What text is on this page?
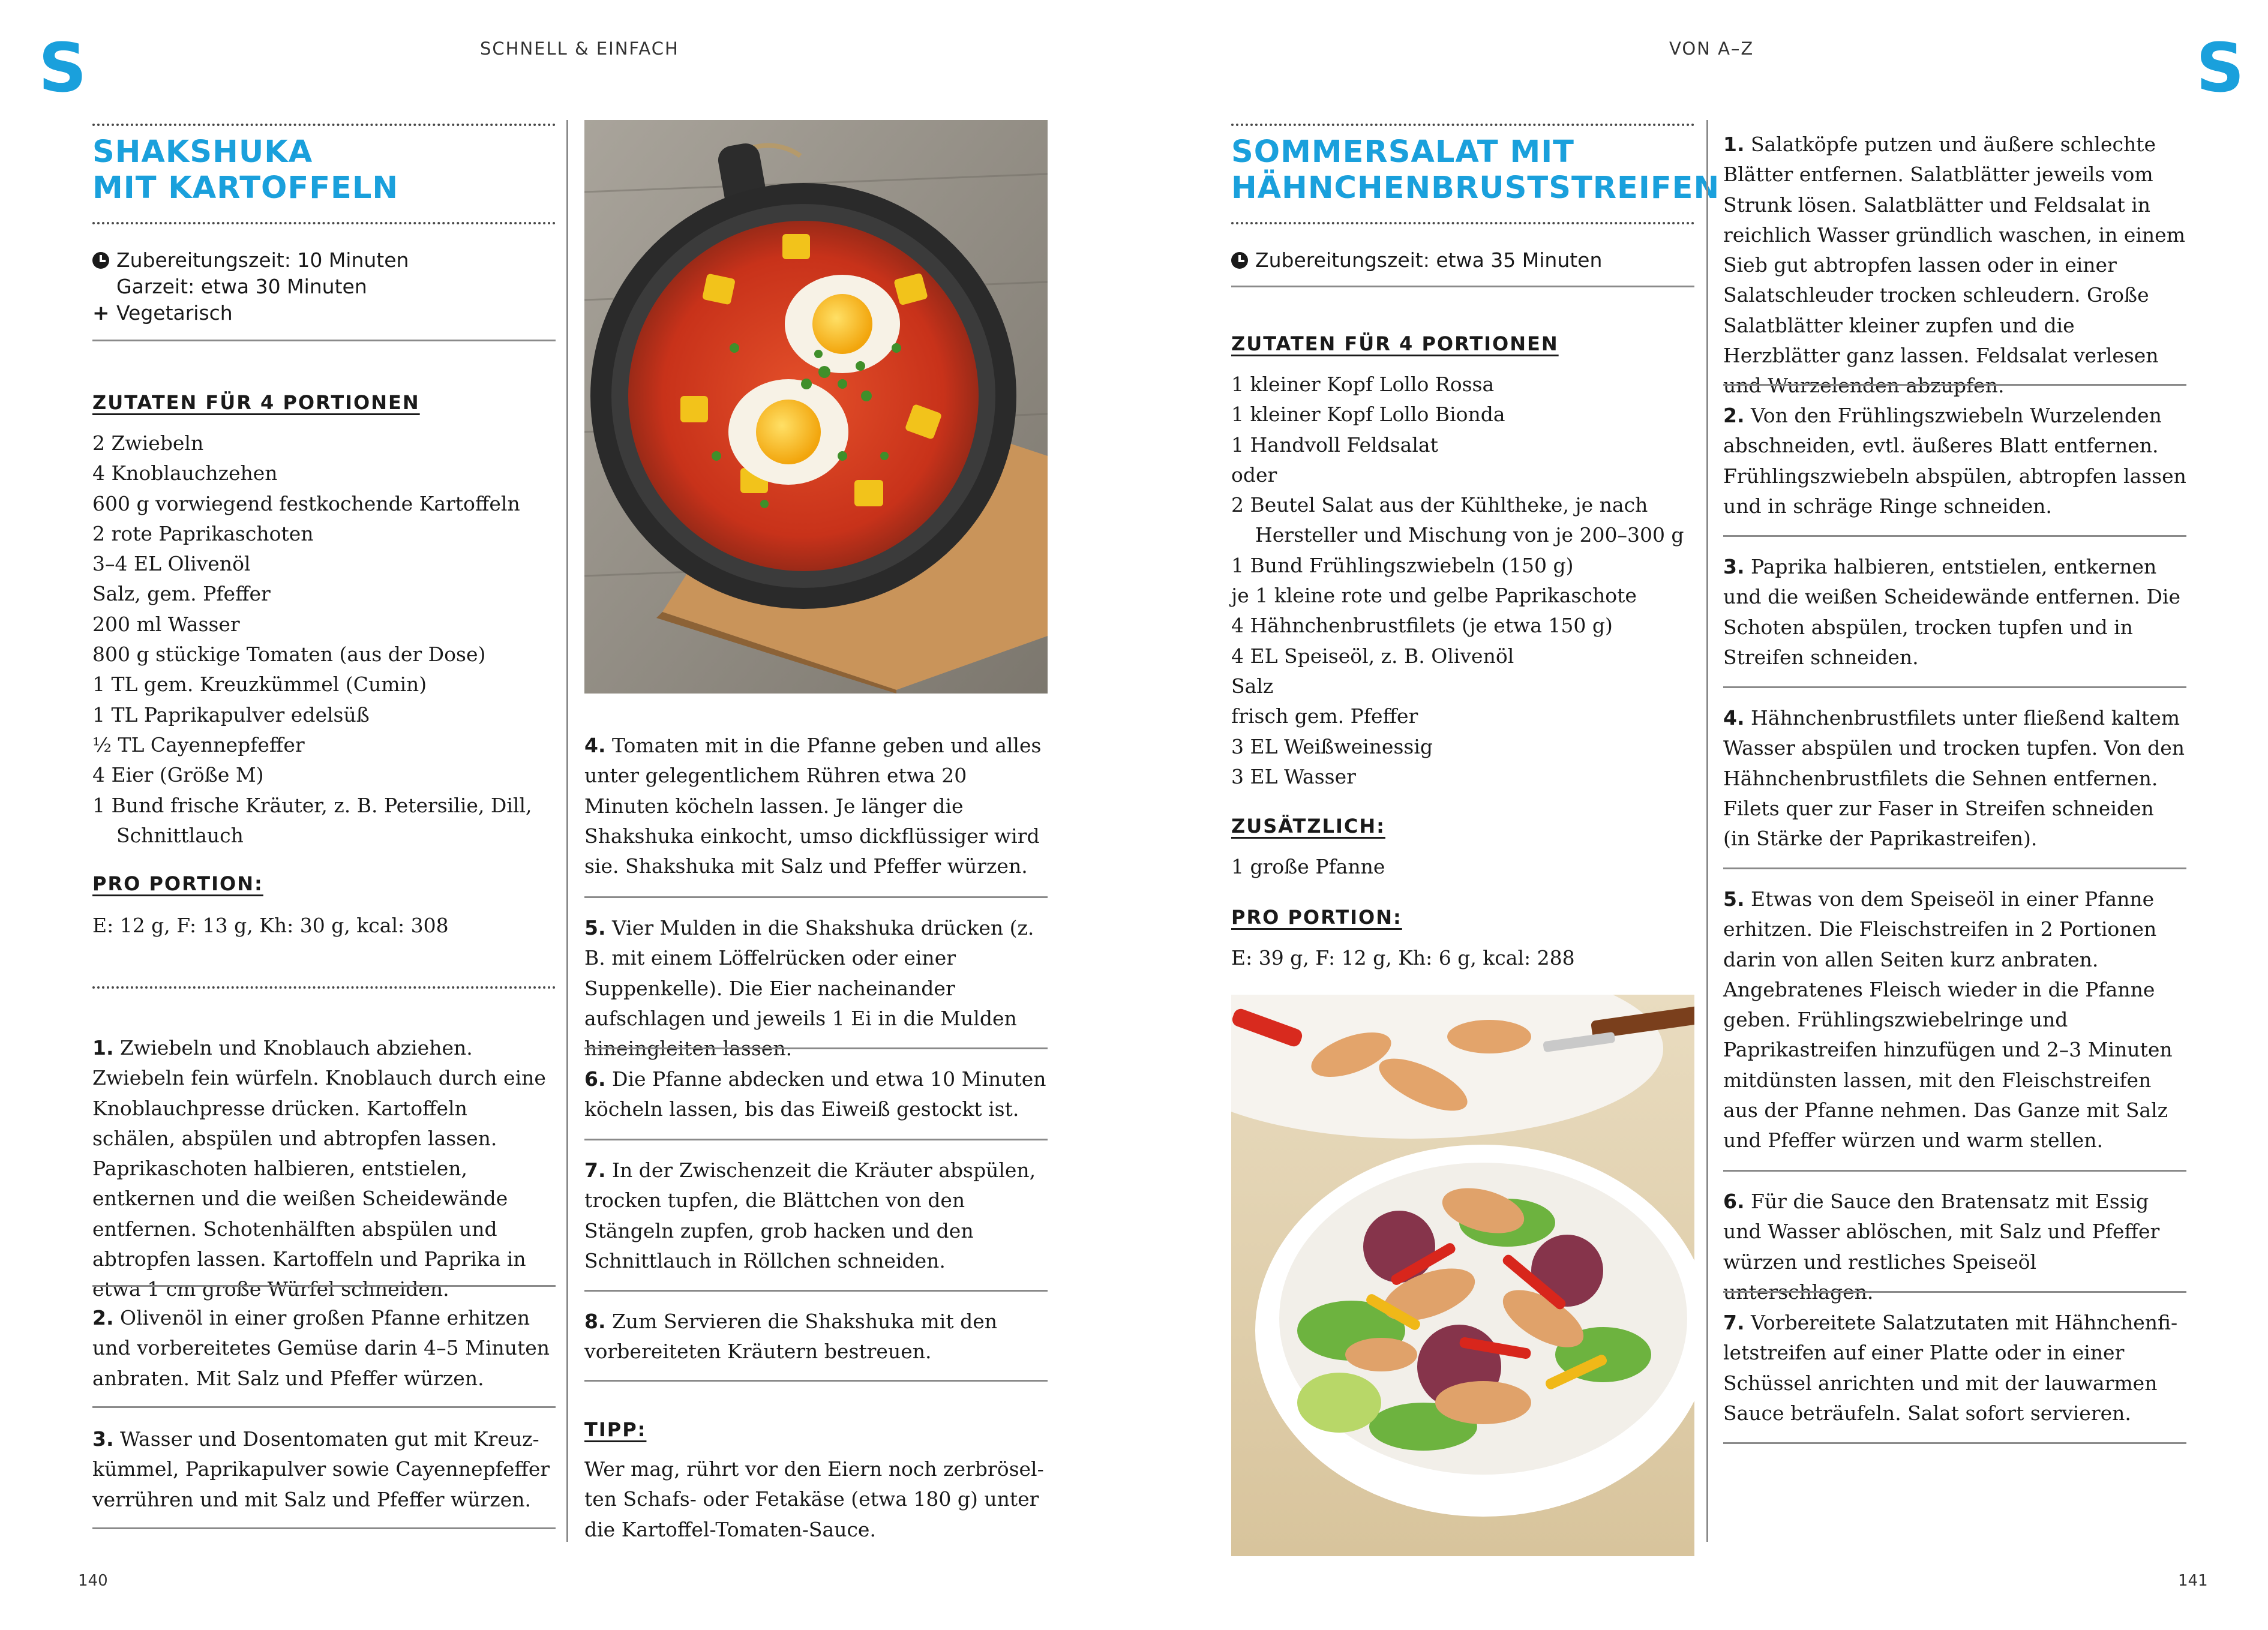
S	S
SCHNELL & EINFACH	VON A–Z
140	141
SHAKSHUKA
MIT KARTOFFELN
Zubereitungszeit: 10 Minuten
Garzeit: etwa 30 Minuten
+ Vegetarisch
ZUTATEN FÜR 4 PORTIONEN
2 Zwiebeln
4 Knoblauchzehen
600 g vorwiegend festkochende Kartoffeln
2 rote Paprikaschoten
3–4 EL Olivenöl
Salz, gem. Pfeffer
200 ml Wasser
800 g stückige Tomaten (aus der Dose)
1 TL gem. Kreuzkümmel (Cumin)
1 TL Paprikapulver edelsüß
½ TL Cayennepfeffer
4 Eier (Größe M)
1 Bund frische Kräuter, z. B. Petersilie, Dill, Schnittlauch
PRO PORTION:
E: 12 g, F: 13 g, Kh: 30 g, kcal: 308
1. Zwiebeln und Knoblauch abziehen. Zwiebeln fein würfeln. Knoblauch durch eine Knoblauchpresse drücken. Kartoffeln schälen, abspülen und abtropfen lassen. Paprikaschoten halbieren, entstielen, entkernen und die weißen Scheidewände entfernen. Schotenhälften abspülen und abtropfen lassen. Kartoffeln und Paprika in etwa 1 cm große Würfel schneiden.
2. Olivenöl in einer großen Pfanne erhitzen und vorbereitetes Gemüse darin 4–5 Minuten anbraten. Mit Salz und Pfeffer würzen.
3. Wasser und Dosentomaten gut mit Kreuzkümmel, Paprikapulver sowie Cayennepfeffer verrühren und mit Salz und Pfeffer würzen.
4. Tomaten mit in die Pfanne geben und alles unter gelegentlichem Rühren etwa 20 Minuten köcheln lassen. Je länger die Shakshuka einkocht, umso dickflüssiger wird sie. Shakshuka mit Salz und Pfeffer würzen.
5. Vier Mulden in die Shakshuka drücken (z. B. mit einem Löffelrücken oder einer Suppenkelle). Die Eier nacheinander aufschlagen und jeweils 1 Ei in die Mulden hineingleiten lassen.
6. Die Pfanne abdecken und etwa 10 Minuten köcheln lassen, bis das Eiweiß gestockt ist.
7. In der Zwischenzeit die Kräuter abspülen, trocken tupfen, die Blättchen von den Stängeln zupfen, grob hacken und den Schnittlauch in Röllchen schneiden.
8. Zum Servieren die Shakshuka mit den vorbereiteten Kräutern bestreuen.
TIPP:
Wer mag, rührt vor den Eiern noch zerbröselten Schafs- oder Fetakäse (etwa 180 g) unter die Kartoffel-Tomaten-Sauce.
SOMMERSALAT MIT
HÄHNCHENBRUSTSTREIFEN
Zubereitungszeit: etwa 35 Minuten
ZUTATEN FÜR 4 PORTIONEN
1 kleiner Kopf Lollo Rossa
1 kleiner Kopf Lollo Bionda
1 Handvoll Feldsalat
oder
2 Beutel Salat aus der Kühltheke, je nach Hersteller und Mischung von je 200–300 g
1 Bund Frühlingszwiebeln (150 g)
je 1 kleine rote und gelbe Paprikaschote
4 Hähnchenbrustfilets (je etwa 150 g)
4 EL Speiseöl, z. B. Olivenöl
Salz
frisch gem. Pfeffer
3 EL Weißweinessig
3 EL Wasser
ZUSÄTZLICH:
1 große Pfanne
PRO PORTION:
E: 39 g, F: 12 g, Kh: 6 g, kcal: 288
1. Salatköpfe putzen und äußere schlechte Blätter entfernen. Salatblätter jeweils vom Strunk lösen. Salatblätter und Feldsalat in reichlich Wasser gründlich waschen, in einem Sieb gut abtropfen lassen oder in einer Salatschleuder trocken schleudern. Große Salatblätter kleiner zupfen und die Herzblätter ganz lassen. Feldsalat verlesen und Wurzelenden abzupfen.
2. Von den Frühlingszwiebeln Wurzelenden abschneiden, evtl. äußeres Blatt entfernen. Frühlingszwiebeln abspülen, abtropfen lassen und in schräge Ringe schneiden.
3. Paprika halbieren, entstielen, entkernen und die weißen Scheidewände entfernen. Die Schoten abspülen, trocken tupfen und in Streifen schneiden.
4. Hähnchenbrustfilets unter fließend kaltem Wasser abspülen und trocken tupfen. Von den Hähnchenbrustfilets die Sehnen entfernen. Filets quer zur Faser in Streifen schneiden (in Stärke der Paprikastreifen).
5. Etwas von dem Speiseöl in einer Pfanne erhitzen. Die Fleischstreifen in 2 Portionen darin von allen Seiten kurz anbraten. Angebratenes Fleisch wieder in die Pfanne geben. Frühlingszwiebelringe und Paprikastreifen hinzufügen und 2–3 Minuten mitdünsten lassen, mit den Fleischstreifen aus der Pfanne nehmen. Das Ganze mit Salz und Pfeffer würzen und warm stellen.
6. Für die Sauce den Bratensatz mit Essig und Wasser ablöschen, mit Salz und Pfeffer würzen und restliches Speiseöl unterschlagen.
7. Vorbereitete Salatzutaten mit Hähnchenfiletstreifen auf einer Platte oder in einer Schüssel anrichten und mit der lauwarmen Sauce beträufeln. Salat sofort servieren.
